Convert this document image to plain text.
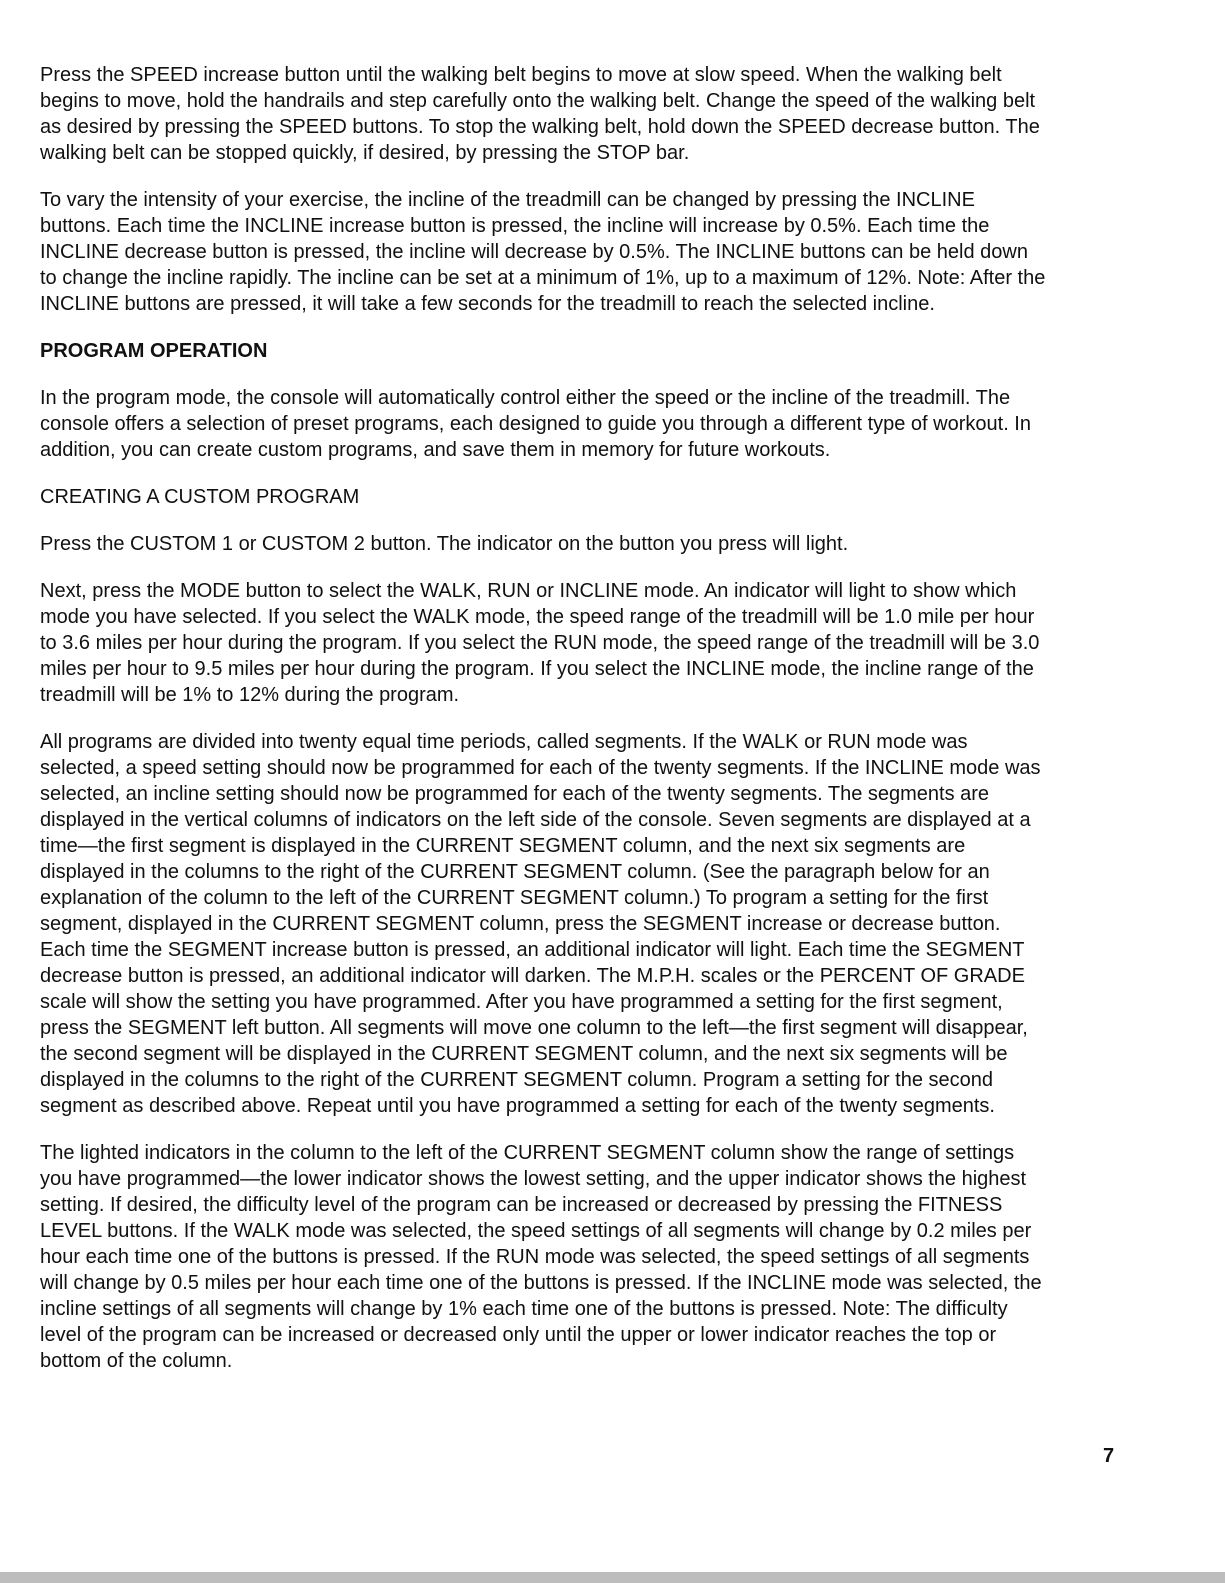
Press the SPEED increase button until the walking belt begins to move at slow speed. When the walking belt begins to move, hold the handrails and step carefully onto the walking belt. Change the speed of the walking belt as desired by pressing the SPEED buttons. To stop the walking belt, hold down the SPEED decrease button. The walking belt can be stopped quickly, if desired, by pressing the STOP bar.

To vary the intensity of your exercise, the incline of the treadmill can be changed by pressing the INCLINE buttons. Each time the INCLINE increase button is pressed, the incline will increase by 0.5%. Each time the INCLINE decrease button is pressed, the incline will decrease by 0.5%. The INCLINE buttons can be held down to change the incline rapidly. The incline can be set at a minimum of 1%, up to a maximum of 12%. Note: After the INCLINE buttons are pressed, it will take a few seconds for the treadmill to reach the selected incline.

PROGRAM OPERATION

In the program mode, the console will automatically control either the speed or the incline of the treadmill. The console offers a selection of preset programs, each designed to guide you through a different type of workout. In addition, you can create custom programs, and save them in memory for future workouts.

CREATING A CUSTOM PROGRAM

Press the CUSTOM 1 or CUSTOM 2 button. The indicator on the button you press will light.

Next, press the MODE button to select the WALK, RUN or INCLINE mode. An indicator will light to show which mode you have selected. If you select the WALK mode, the speed range of the treadmill will be 1.0 mile per hour to 3.6 miles per hour during the program. If you select the RUN mode, the speed range of the treadmill will be 3.0 miles per hour to 9.5 miles per hour during the program. If you select the INCLINE mode, the incline range of the treadmill will be 1% to 12% during the program.

All programs are divided into twenty equal time periods, called segments. If the WALK or RUN mode was selected, a speed setting should now be programmed for each of the twenty segments. If the INCLINE mode was selected, an incline setting should now be programmed for each of the twenty segments. The segments are displayed in the vertical columns of indicators on the left side of the console. Seven segments are displayed at a time—the first segment is displayed in the CURRENT SEGMENT column, and the next six segments are displayed in the columns to the right of the CURRENT SEGMENT column. (See the paragraph below for an explanation of the column to the left of the CURRENT SEGMENT column.) To program a setting for the first segment, displayed in the CURRENT SEGMENT column, press the SEGMENT increase or decrease button. Each time the SEGMENT increase button is pressed, an additional indicator will light. Each time the SEGMENT decrease button is pressed, an additional indicator will darken. The M.P.H. scales or the PERCENT OF GRADE scale will show the setting you have programmed. After you have programmed a setting for the first segment, press the SEGMENT left button. All segments will move one column to the left—the first segment will disappear, the second segment will be displayed in the CURRENT SEGMENT column, and the next six segments will be displayed in the columns to the right of the CURRENT SEGMENT column. Program a setting for the second segment as described above. Repeat until you have programmed a setting for each of the twenty segments.

The lighted indicators in the column to the left of the CURRENT SEGMENT column show the range of settings you have programmed—the lower indicator shows the lowest setting, and the upper indicator shows the highest setting. If desired, the difficulty level of the program can be increased or decreased by pressing the FITNESS LEVEL buttons. If the WALK mode was selected, the speed settings of all segments will change by 0.2 miles per hour each time one of the buttons is pressed. If the RUN mode was selected, the speed settings of all segments will change by 0.5 miles per hour each time one of the buttons is pressed. If the INCLINE mode was selected, the incline settings of all segments will change by 1% each time one of the buttons is pressed. Note: The difficulty level of the program can be increased or decreased only until the upper or lower indicator reaches the top or bottom of the column.

7
